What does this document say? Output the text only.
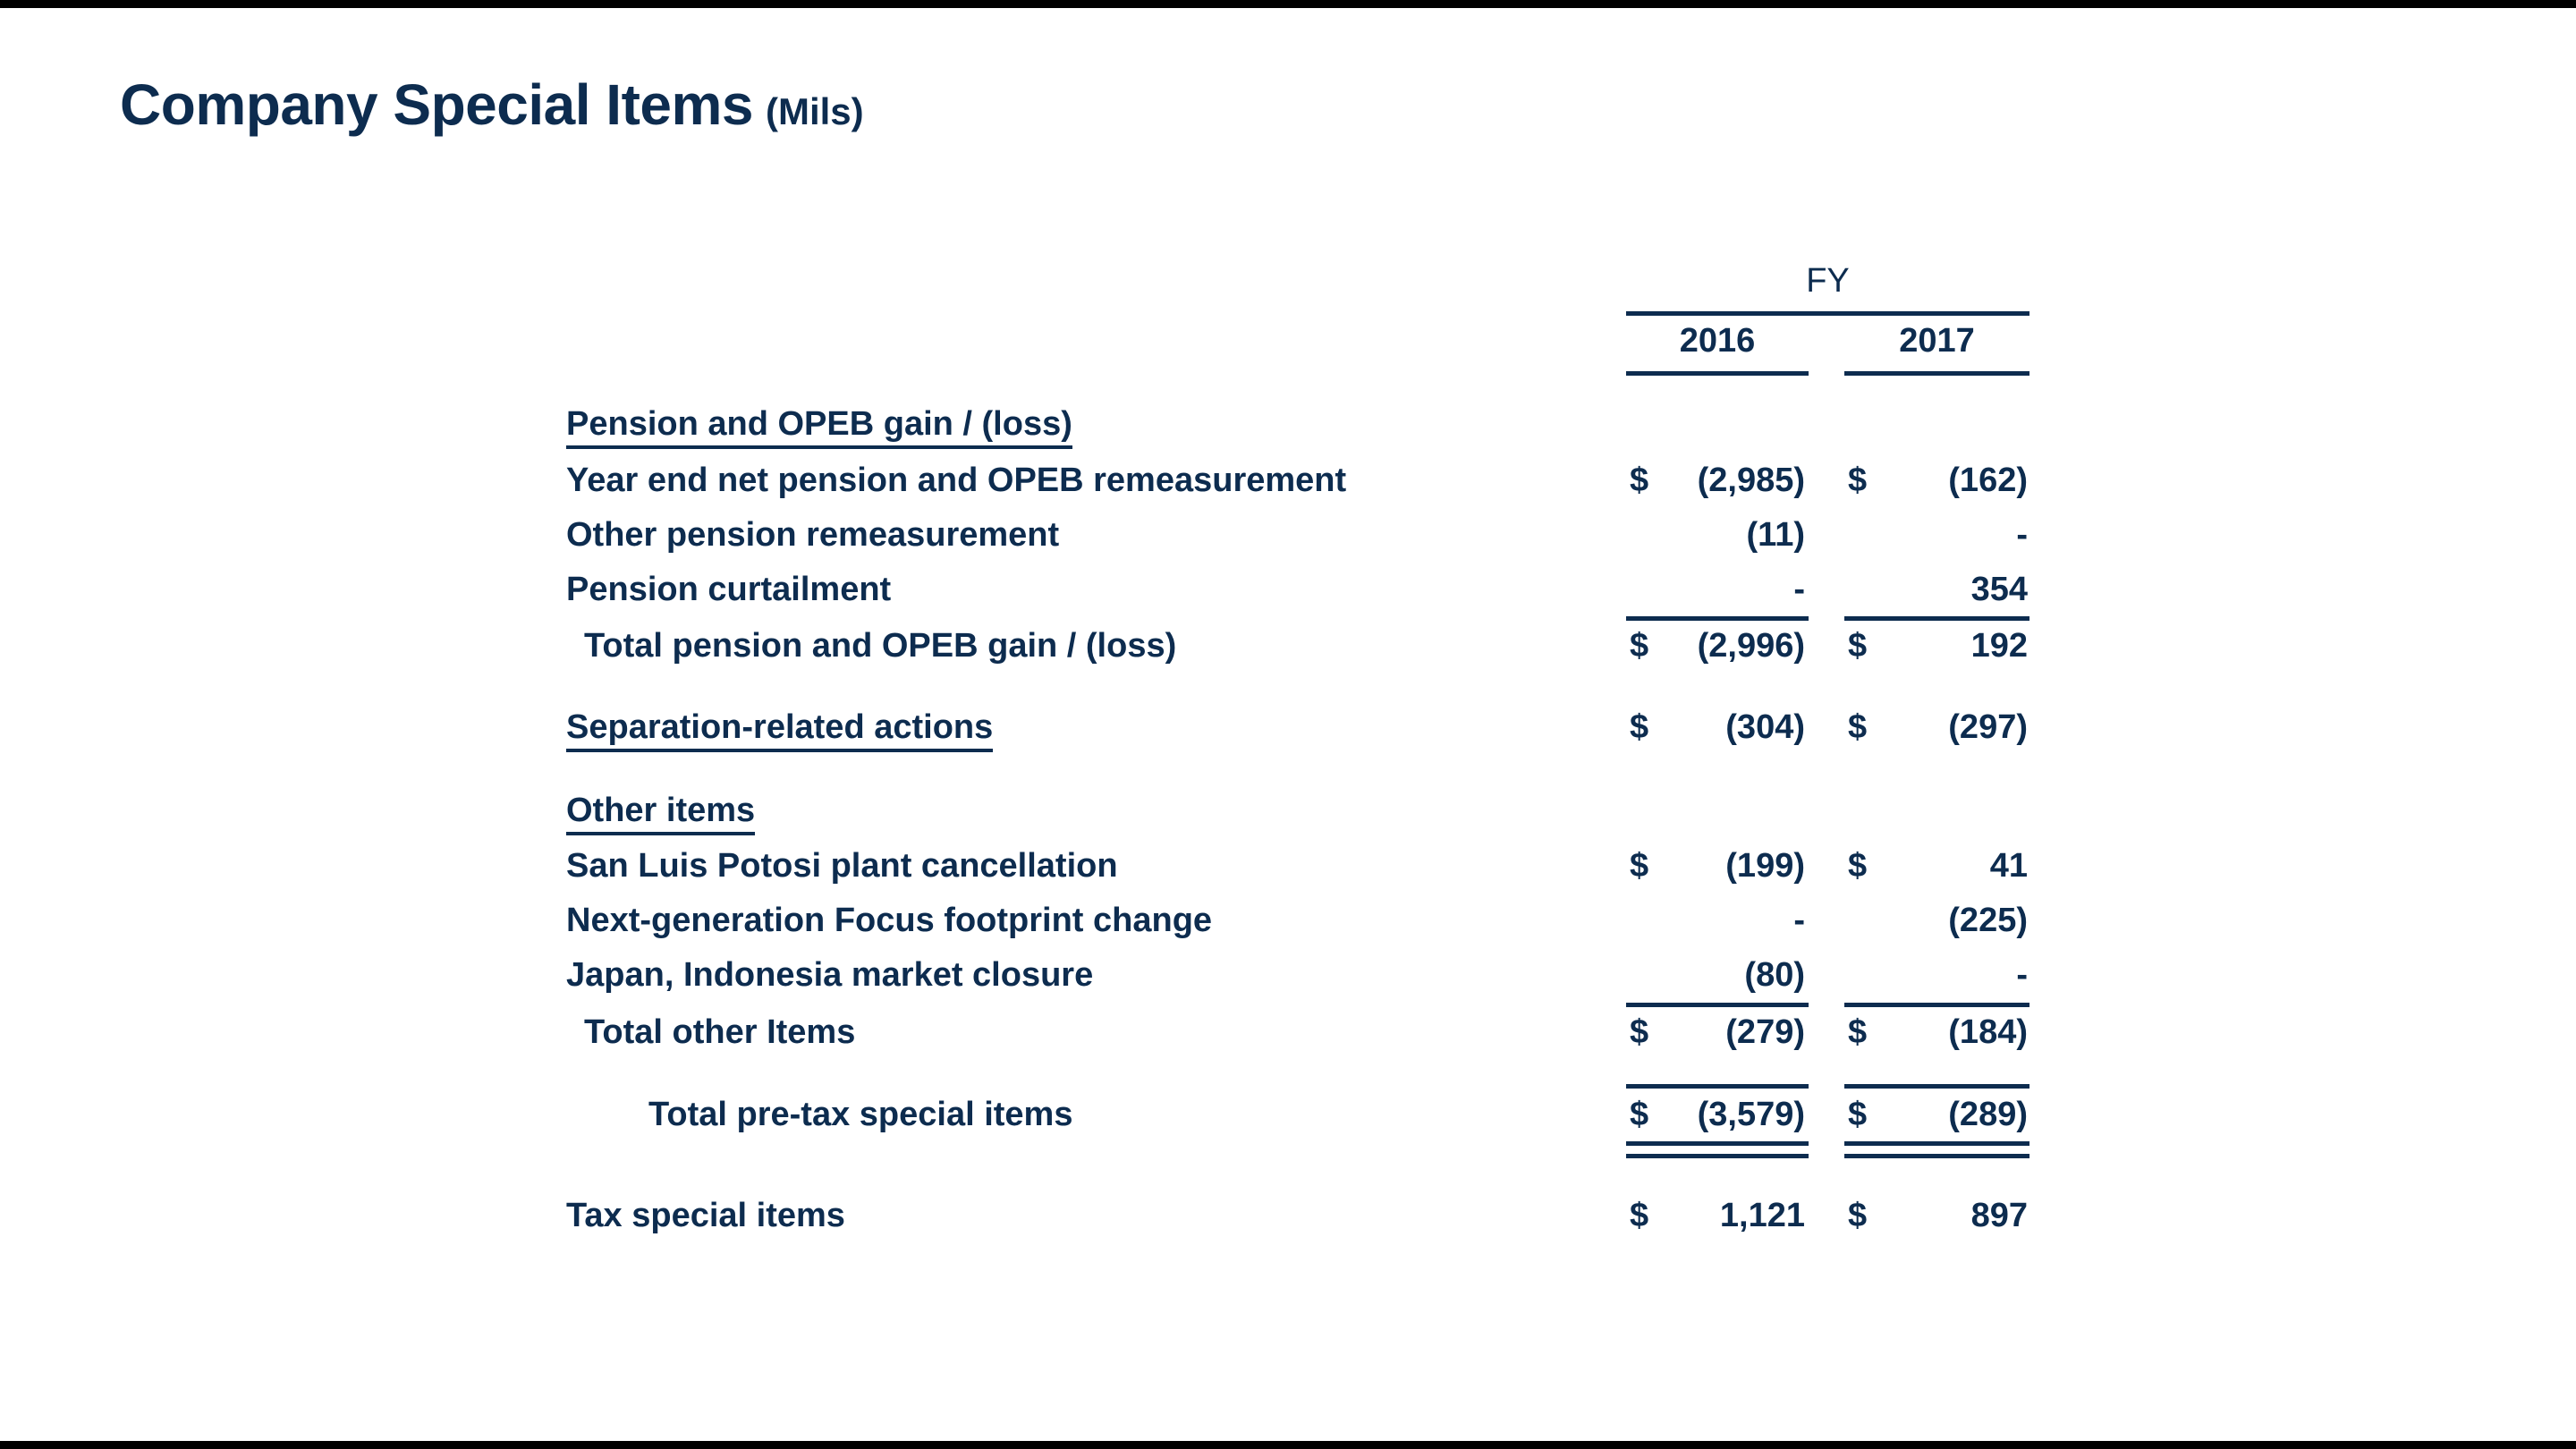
Company Special Items (Mils)
FY
2016	2017
Pension and OPEB gain / (loss)
Year end net pension and OPEB remeasurement	$ (2,985) $ (162)
Other pension remeasurement	(11)	-
Pension curtailment	-	354
Total pension and OPEB gain / (loss)	$ (2,996) $	192
Separation-related actions	$ (304) $ (297)
Other items
San Luis Potosi plant cancellation	$ (199) $	41
Next-generation Focus footprint change	-	(225)
Japan, Indonesia market closure	(80)	-
Total other Items	$ (279) $ (184)
Total pre-tax special items	$ (3,579) $ (289)
Tax special items	$ 1,121 $	897
